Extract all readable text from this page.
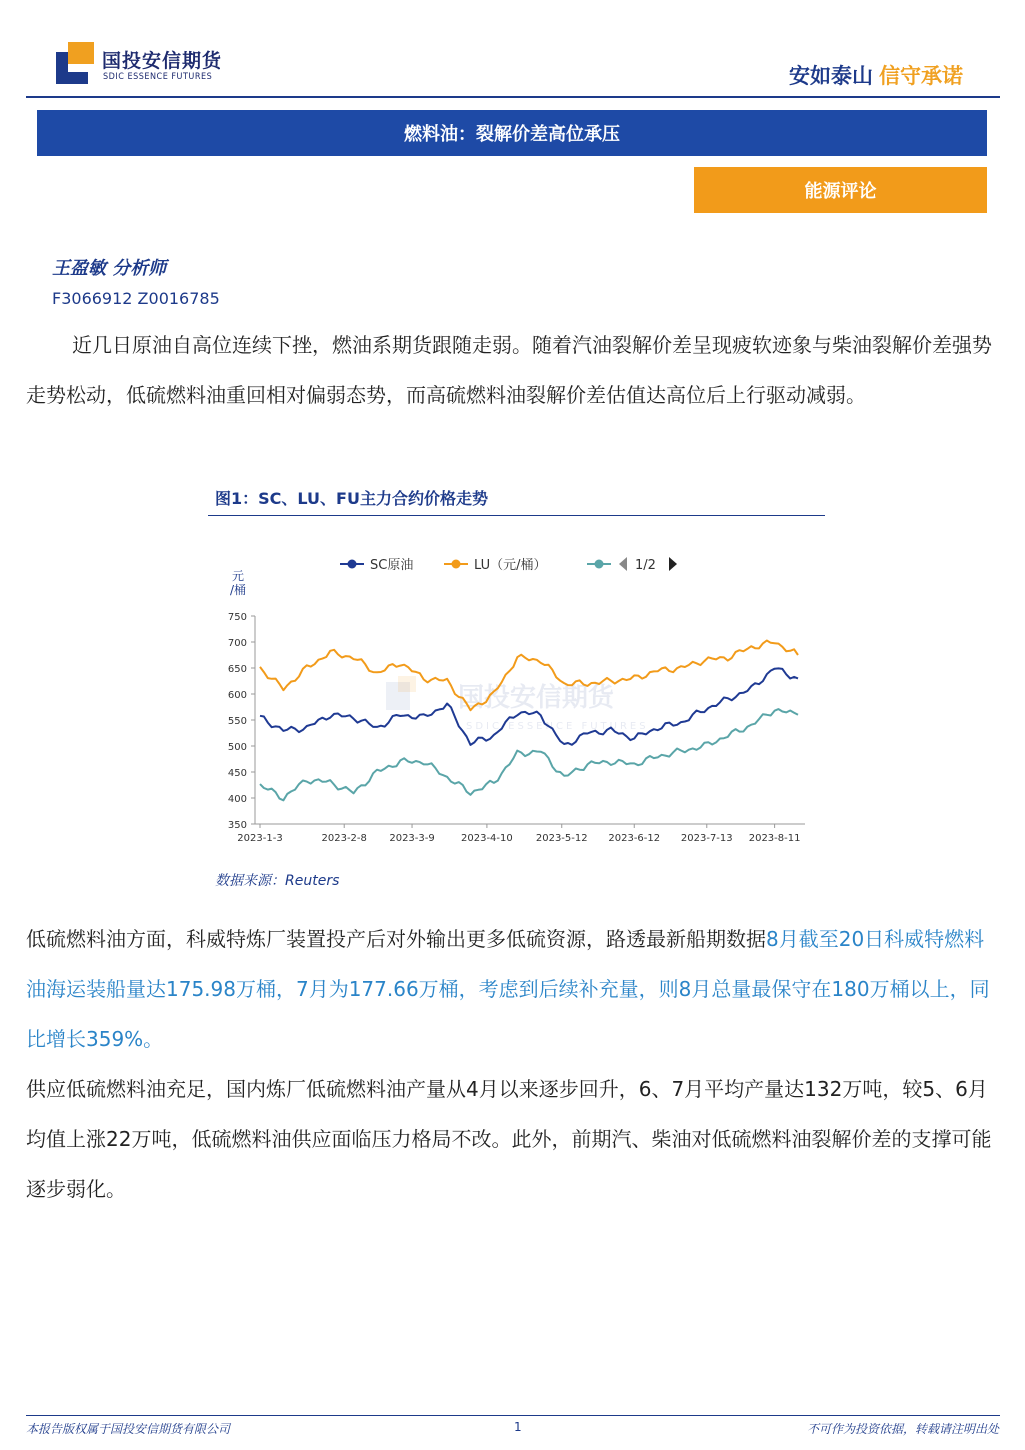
国投安信期货
SDIC ESSENCE FUTURES	安如泰山 信守承诺
燃料油：裂解价差高位承压
能源评论
王盈敏 分析师
F3066912 Z0016785
近几日原油自高位连续下挫，燃油系期货跟随走弱。随着汽油裂解价差呈现疲软迹象与柴油裂解价差强势走势松动，低硫燃料油重回相对偏弱态势，而高硫燃料油裂解价差估值达高位后上行驱动减弱。
图1：SC、LU、FU主力合约价格走势
国投安信期货
SDIC ESSENCE FUTURES
SC原油	LU（元/桶）	1/2
元
/桶
350
400
450
500
550
600
650
700
750
2023-1-3	2023-2-8 2023-3-9	2023-4-10 2023-5-12 2023-6-12 2023-7-13 2023-8-11
数据来源：Reuters
低硫燃料油方面，科威特炼厂装置投产后对外输出更多低硫资源，路透最新船期数据8月截至20日科威特燃料油海运装船量达175.98万桶，7月为177.66万桶，考虑到后续补充量，则8月总量最保守在180万桶以上，同比增长359%。
供应低硫燃料油充足，国内炼厂低硫燃料油产量从4月以来逐步回升，6、7月平均产量达132万吨，较5、6月均值上涨22万吨，低硫燃料油供应面临压力格局不改。此外，前期汽、柴油对低硫燃料油裂解价差的支撑可能逐步弱化。
本报告版权属于国投安信期货有限公司	1	不可作为投资依据，转载请注明出处
